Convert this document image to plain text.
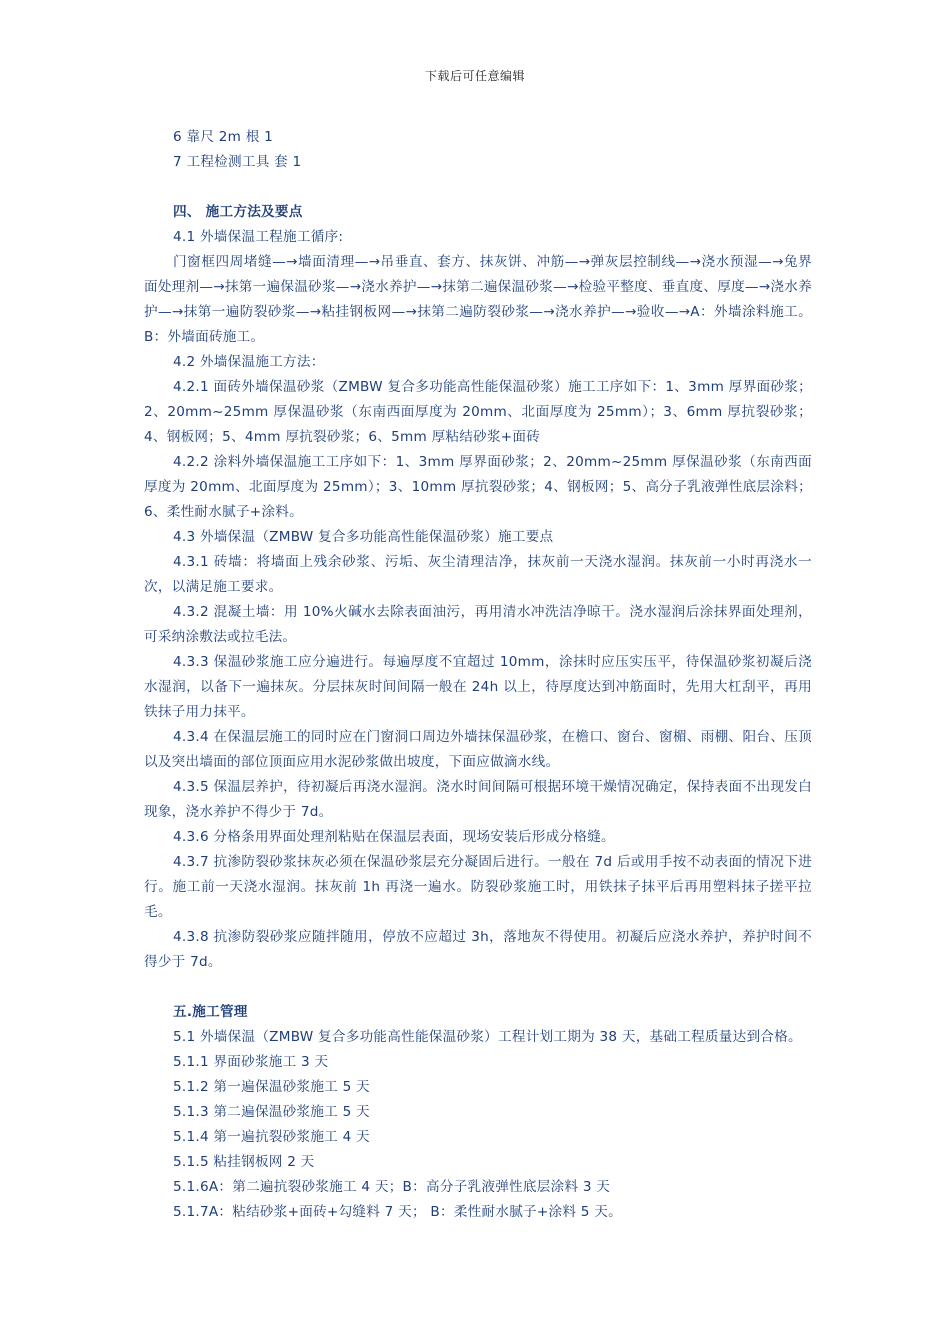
下载后可任意编辑
6 靠尺 2m 根 1
7 工程检测工具 套 1
四、 施工方法及要点
4.1 外墙保温工程施工循序:

门窗框四周堵缝—→墙面清理—→吊垂直、套方、抹灰饼、冲筋—→弹灰层控制线—→浇水预湿—→兔界面处理剂—→抹第一遍保温砂浆—→浇水养护—→抹第二遍保温砂浆—→检验平整度、垂直度、厚度—→浇水养护—→抹第一遍防裂砂浆—→粘挂钢板网—→抹第二遍防裂砂浆—→浇水养护—→验收—→A：外墙涂料施工。B：外墙面砖施工。

4.2 外墙保温施工方法：

4.2.1 面砖外墙保温砂浆（ZMBW 复合多功能高性能保温砂浆）施工工序如下：1、3mm 厚界面砂浆；2、20mm~25mm 厚保温砂浆（东南西面厚度为 20mm、北面厚度为 25mm）；3、6mm 厚抗裂砂浆；4、钢板网；5、4mm 厚抗裂砂浆；6、5mm 厚粘结砂浆+面砖

4.2.2 涂料外墙保温施工工序如下：1、3mm 厚界面砂浆；2、20mm~25mm 厚保温砂浆（东南西面厚度为 20mm、北面厚度为 25mm）；3、10mm 厚抗裂砂浆；4、钢板网；5、高分子乳液弹性底层涂料；6、柔性耐水腻子+涂料。

4.3 外墙保温（ZMBW 复合多功能高性能保温砂浆）施工要点

4.3.1 砖墙：将墙面上残余砂浆、污垢、灰尘清理洁净，抹灰前一天浇水湿润。抹灰前一小时再浇水一次，以满足施工要求。

4.3.2 混凝土墙：用 10%火碱水去除表面油污，再用清水冲洗洁净晾干。浇水湿润后涂抹界面处理剂，可采纳涂敷法或拉毛法。

4.3.3 保温砂浆施工应分遍进行。每遍厚度不宜超过 10mm，涂抹时应压实压平，待保温砂浆初凝后浇水湿润，以备下一遍抹灰。分层抹灰时间间隔一般在 24h 以上，待厚度达到冲筋面时，先用大杠刮平，再用铁抹子用力抹平。

4.3.4 在保温层施工的同时应在门窗洞口周边外墙抹保温砂浆，在檐口、窗台、窗楣、雨棚、阳台、压顶以及突出墙面的部位顶面应用水泥砂浆做出坡度，下面应做滴水线。

4.3.5 保温层养护，待初凝后再浇水湿润。浇水时间间隔可根据环境干燥情况确定，保持表面不出现发白现象，浇水养护不得少于 7d。

4.3.6 分格条用界面处理剂粘贴在保温层表面，现场安装后形成分格缝。

4.3.7 抗渗防裂砂浆抹灰必须在保温砂浆层充分凝固后进行。一般在 7d 后或用手按不动表面的情况下进行。施工前一天浇水湿润。抹灰前 1h 再浇一遍水。防裂砂浆施工时，用铁抹子抹平后再用塑料抹子搓平拉毛。

4.3.8 抗渗防裂砂浆应随拌随用，停放不应超过 3h，落地灰不得使用。初凝后应浇水养护，养护时间不得少于 7d。

五.施工管理
5.1 外墙保温（ZMBW 复合多功能高性能保温砂浆）工程计划工期为 38 天，基础工程质量达到合格。
5.1.1 界面砂浆施工 3 天
5.1.2 第一遍保温砂浆施工 5 天
5.1.3 第二遍保温砂浆施工 5 天
5.1.4 第一遍抗裂砂浆施工 4 天
5.1.5 粘挂钢板网 2 天
5.1.6A：第二遍抗裂砂浆施工 4 天；B：高分子乳液弹性底层涂料 3 天
5.1.7A：粘结砂浆+面砖+勾缝料 7 天； B：柔性耐水腻子+涂料 5 天。
